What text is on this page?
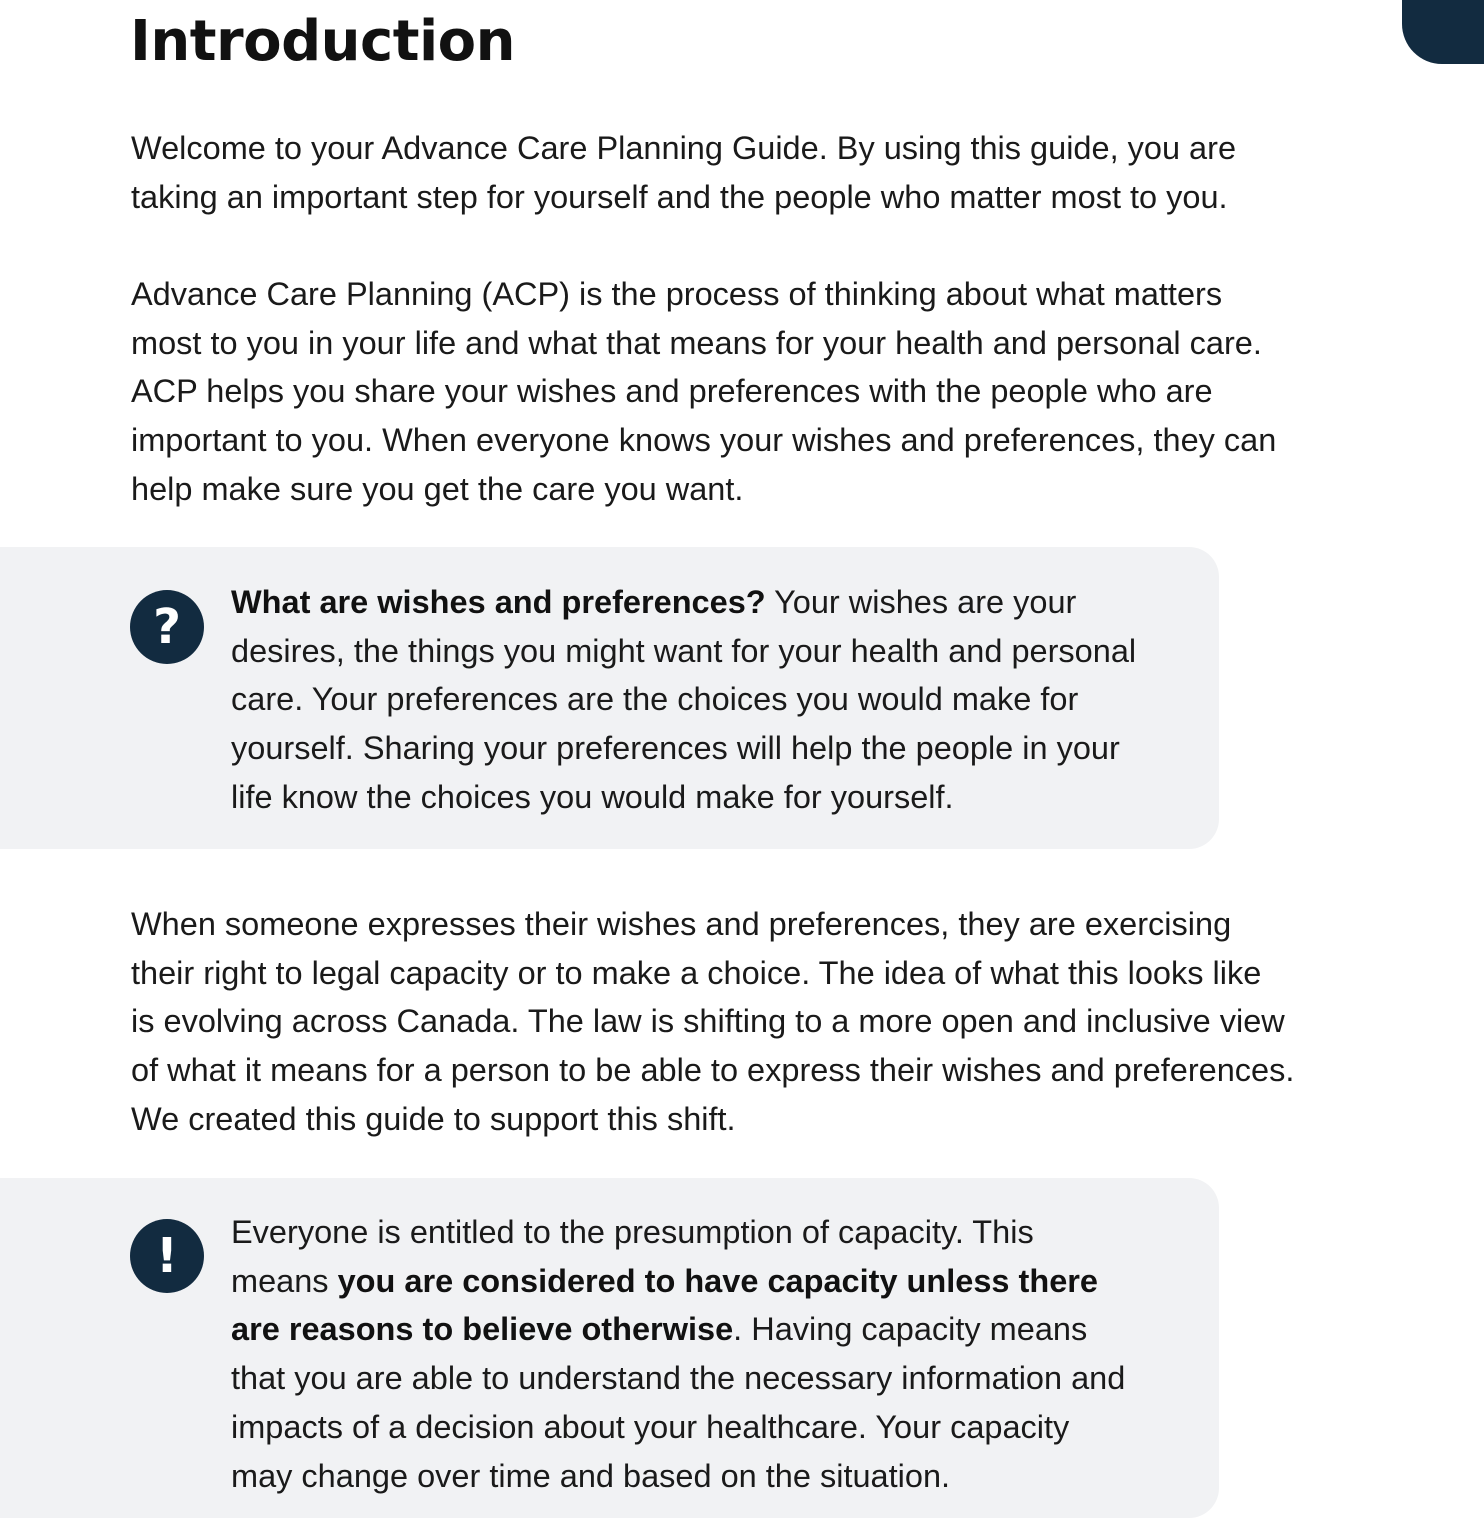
Introduction

Welcome to your Advance Care Planning Guide. By using this guide, you are
taking an important step for yourself and the people who matter most to you.

Advance Care Planning (ACP) is the process of thinking about what matters
most to you in your life and what that means for your health and personal care.
ACP helps you share your wishes and preferences with the people who are
important to you. When everyone knows your wishes and preferences, they can
help make sure you get the care you want.

?	What are wishes and preferences? Your wishes are your
desires, the things you might want for your health and personal
care. Your preferences are the choices you would make for
yourself. Sharing your preferences will help the people in your
life know the choices you would make for yourself.

When someone expresses their wishes and preferences, they are exercising
their right to legal capacity or to make a choice. The idea of what this looks like
is evolving across Canada. The law is shifting to a more open and inclusive view
of what it means for a person to be able to express their wishes and preferences.
We created this guide to support this shift.

!	Everyone is entitled to the presumption of capacity. This
means you are considered to have capacity unless there
are reasons to believe otherwise. Having capacity means
that you are able to understand the necessary information and
impacts of a decision about your healthcare. Your capacity
may change over time and based on the situation.
